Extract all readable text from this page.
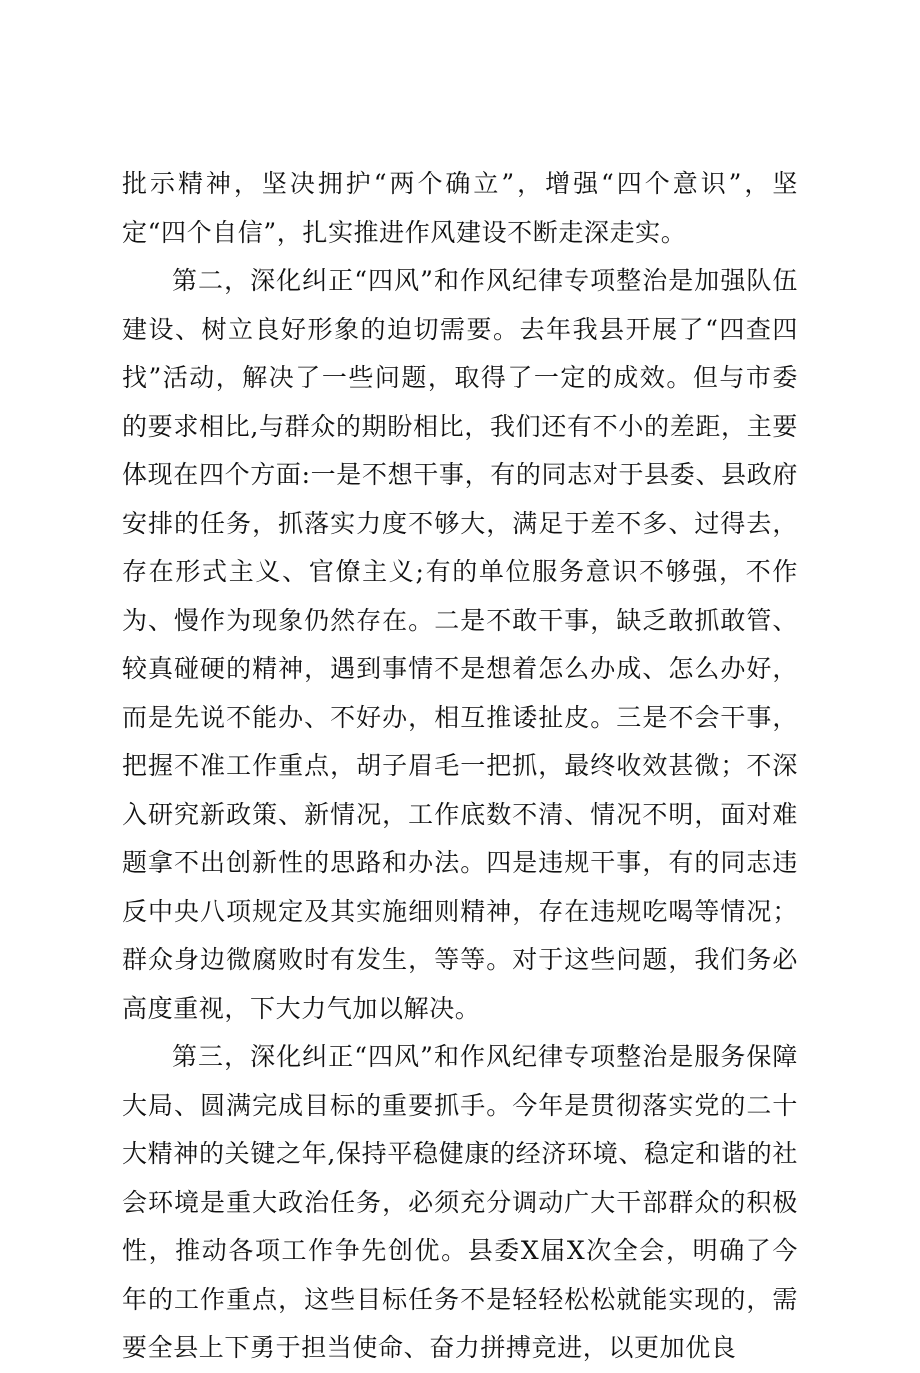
批示精神，坚决拥护“两个确立”，增强“四个意识”，坚定“四个自信”，扎实推进作风建设不断走深走实。

第二，深化纠正“四风”和作风纪律专项整治是加强队伍建设、树立良好形象的迫切需要。去年我县开展了“四查四找”活动，解决了一些问题，取得了一定的成效。但与市委的要求相比,与群众的期盼相比，我们还有不小的差距，主要体现在四个方面:一是不想干事，有的同志对于县委、县政府安排的任务，抓落实力度不够大，满足于差不多、过得去，存在形式主义、官僚主义;有的单位服务意识不够强，不作为、慢作为现象仍然存在。二是不敢干事，缺乏敢抓敢管、较真碰硬的精神，遇到事情不是想着怎么办成、怎么办好，而是先说不能办、不好办，相互推诿扯皮。三是不会干事，把握不准工作重点，胡子眉毛一把抓，最终收效甚微；不深入研究新政策、新情况，工作底数不清、情况不明，面对难题拿不出创新性的思路和办法。四是违规干事，有的同志违反中央八项规定及其实施细则精神，存在违规吃喝等情况；群众身边微腐败时有发生，等等。对于这些问题，我们务必高度重视，下大力气加以解决。

第三，深化纠正“四风”和作风纪律专项整治是服务保障大局、圆满完成目标的重要抓手。今年是贯彻落实党的二十大精神的关键之年,保持平稳健康的经济环境、稳定和谐的社会环境是重大政治任务，必须充分调动广大干部群众的积极性，推动各项工作争先创优。县委X届X次全会，明确了今年的工作重点，这些目标任务不是轻轻松松就能实现的，需要全县上下勇于担当使命、奋力拼搏竞进，以更加优良
